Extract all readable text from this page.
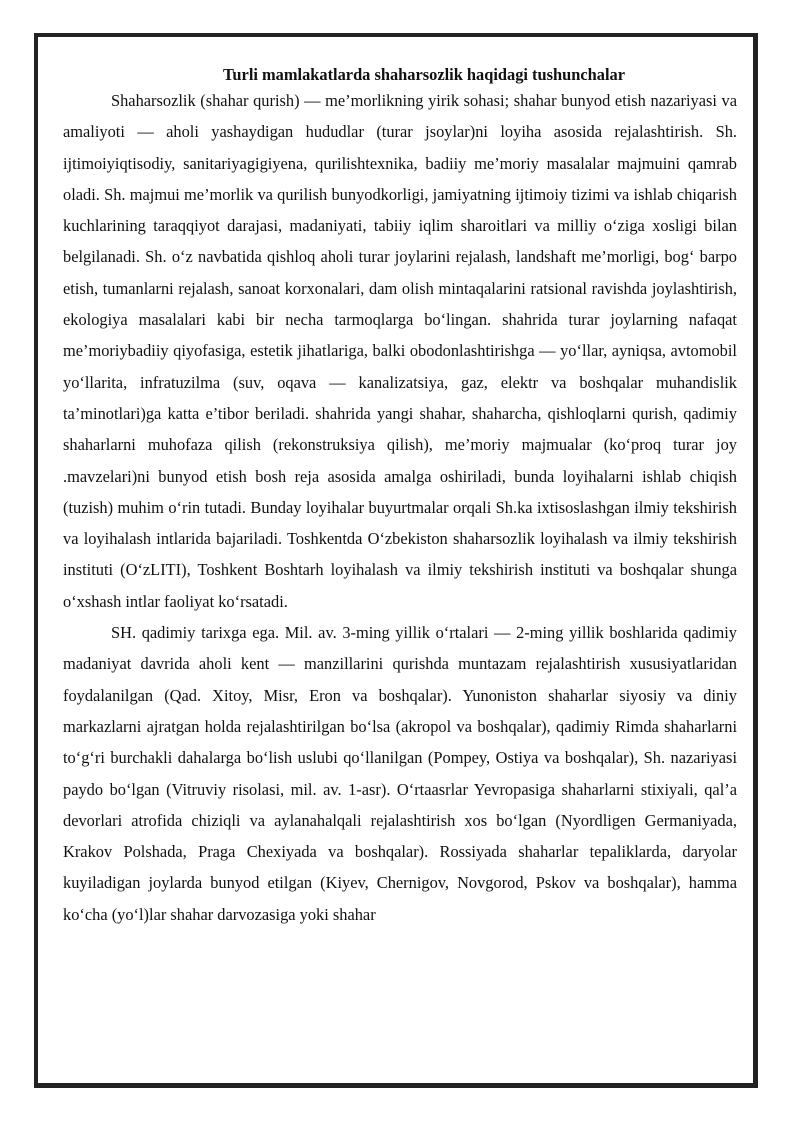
Turli mamlakatlarda shaharsozlik haqidagi tushunchalar

Shaharsozlik (shahar qurish) — me’morlikning yirik sohasi; shahar bunyod etish nazariyasi va amaliyoti — aholi yashaydigan hududlar (turar jsoylar)ni loyiha asosida rejalashtirish. Sh. ijtimoiyiqtisodiy, sanitariyagigiyena, qurilishtexnika, badiiy me’moriy masalalar majmuini qamrab oladi. Sh. majmui me’morlik va qurilish bunyodkorligi, jamiyatning ijtimoiy tizimi va ishlab chiqarish kuchlarining taraqqiyot darajasi, madaniyati, tabiiy iqlim sharoitlari va milliy o‘ziga xosligi bilan belgilanadi. Sh. o‘z navbatida qishloq aholi turar joylarini rejalash, landshaft me’morligi, bog‘ barpo etish, tumanlarni rejalash, sanoat korxonalari, dam olish mintaqalarini ratsional ravishda joylashtirish, ekologiya masalalari kabi bir necha tarmoqlarga bo‘lingan. shahrida turar joylarning nafaqat me’moriybadiiy qiyofasiga, estetik jihatlariga, balki obodonlashtirishga — yo‘llar, ayniqsa, avtomobil yo‘llarita, infratuzilma (suv, oqava — kanalizatsiya, gaz, elektr va boshqalar muhandislik ta’minotlari)ga katta e’tibor beriladi. shahrida yangi shahar, shaharcha, qishloqlarni qurish, qadimiy shaharlarni muhofaza qilish (rekonstruksiya qilish), me’moriy majmualar (ko‘proq turar joy .mavzelari)ni bunyod etish bosh reja asosida amalga oshiriladi, bunda loyihalarni ishlab chiqish (tuzish) muhim o‘rin tutadi. Bunday loyihalar buyurtmalar orqali Sh.ka ixtisoslashgan ilmiy tekshirish va loyihalash intlarida bajariladi. Toshkentda O‘zbekiston shaharsozlik loyihalash va ilmiy tekshirish instituti (O‘zLITI), Toshkent Boshtarh loyihalash va ilmiy tekshirish instituti va boshqalar shunga o‘xshash intlar faoliyat ko‘rsatadi.

SH. qadimiy tarixga ega. Mil. av. 3-ming yillik o‘rtalari — 2-ming yillik boshlarida qadimiy madaniyat davrida aholi kent — manzillarini qurishda muntazam rejalashtirish xususiyatlaridan foydalanilgan (Qad. Xitoy, Misr, Eron va boshqalar). Yunoniston shaharlar siyosiy va diniy markazlarni ajratgan holda rejalashtirilgan bo‘lsa (akropol va boshqalar), qadimiy Rimda shaharlarni to‘g‘ri burchakli dahalarga bo‘lish uslubi qo‘llanilgan (Pompey, Ostiya va boshqalar), Sh. nazariyasi paydo bo‘lgan (Vitruviy risolasi, mil. av. 1-asr). O‘rtaasrlar Yevropasiga shaharlarni stixiyali, qal’a devorlari atrofida chiziqli va aylanahalqali rejalashtirish xos bo‘lgan (Nyordligen Germaniyada, Krakov Polshada, Praga Chexiyada va boshqalar). Rossiyada shaharlar tepaliklarda, daryolar kuyiladigan joylarda bunyod etilgan (Kiyev, Chernigov, Novgorod, Pskov va boshqalar), hamma ko‘cha (yo‘l)lar shahar darvozasiga yoki shahar
